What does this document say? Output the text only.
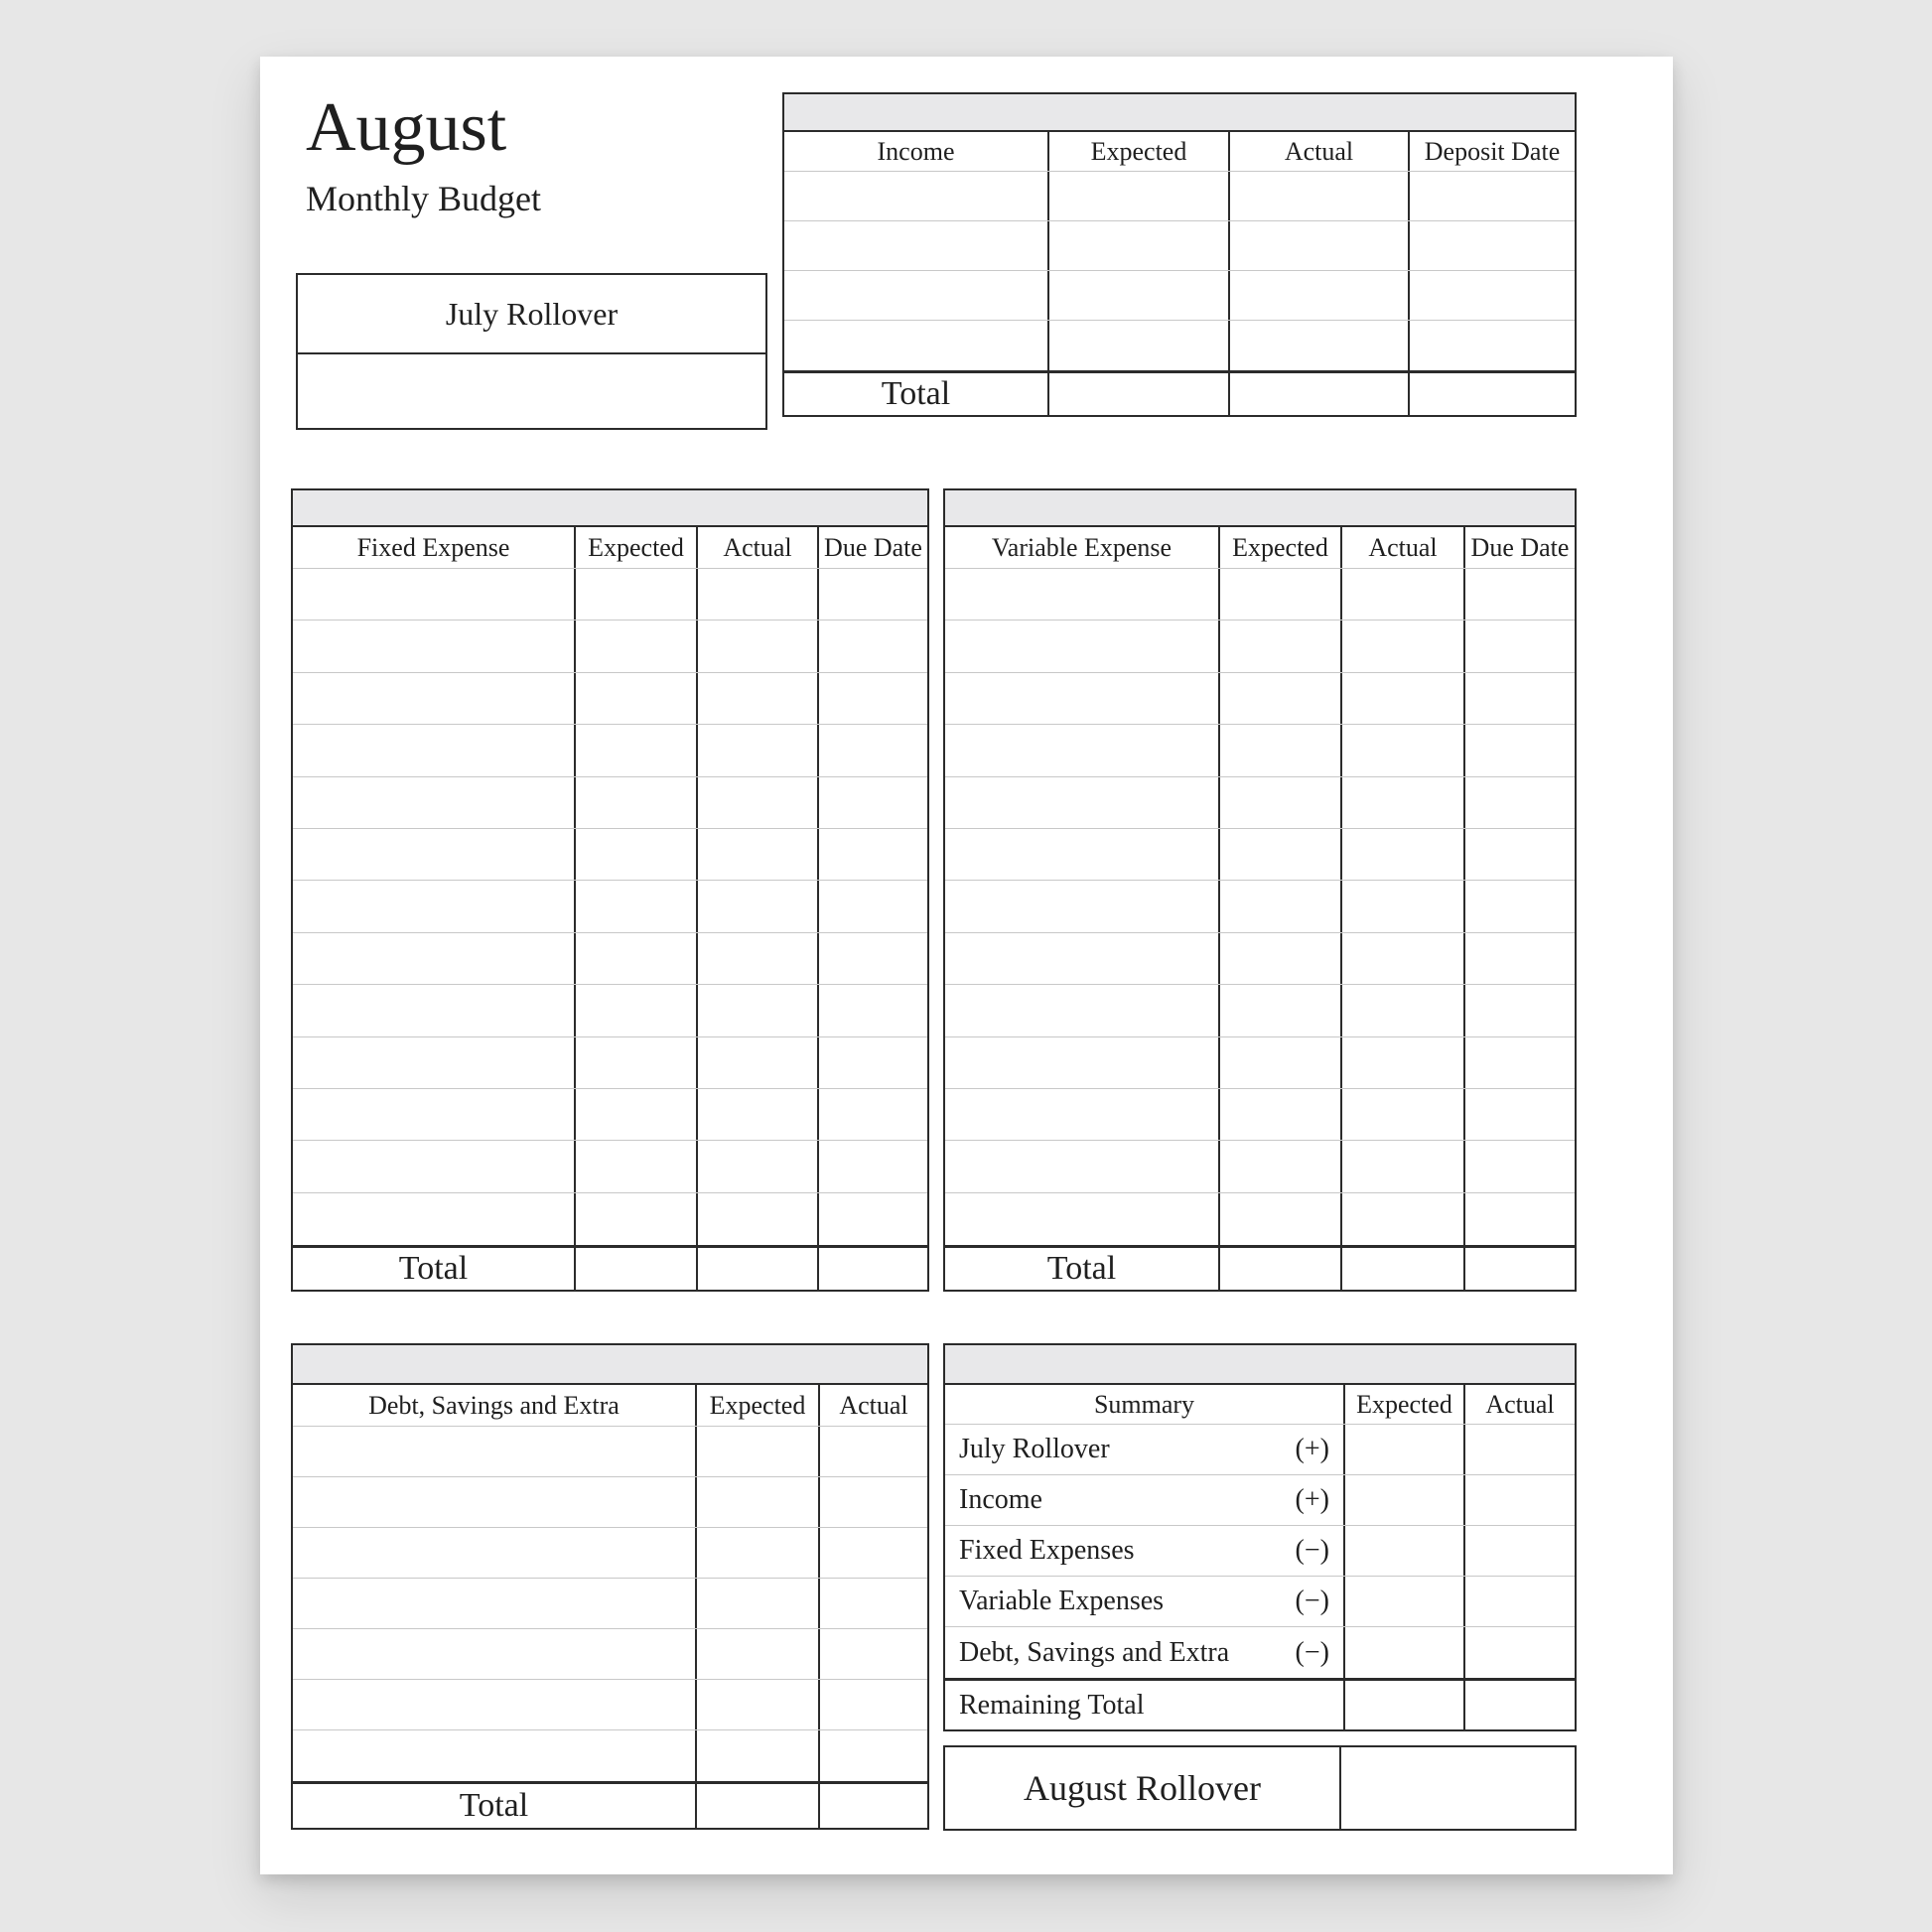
August
Monthly Budget
July Rollover
Income	Expected	Actual	Deposit Date
Total
Fixed Expense	Expected	Actual	Due Date
Total
Variable Expense	Expected	Actual	Due Date
Total
Debt, Savings and Extra	Expected	Actual
Total
Summary	Expected	Actual
July Rollover	(+)
Income	(+)
Fixed Expenses	(−)
Variable Expenses	(−)
Debt, Savings and Extra (−)
Remaining Total
August Rollover
